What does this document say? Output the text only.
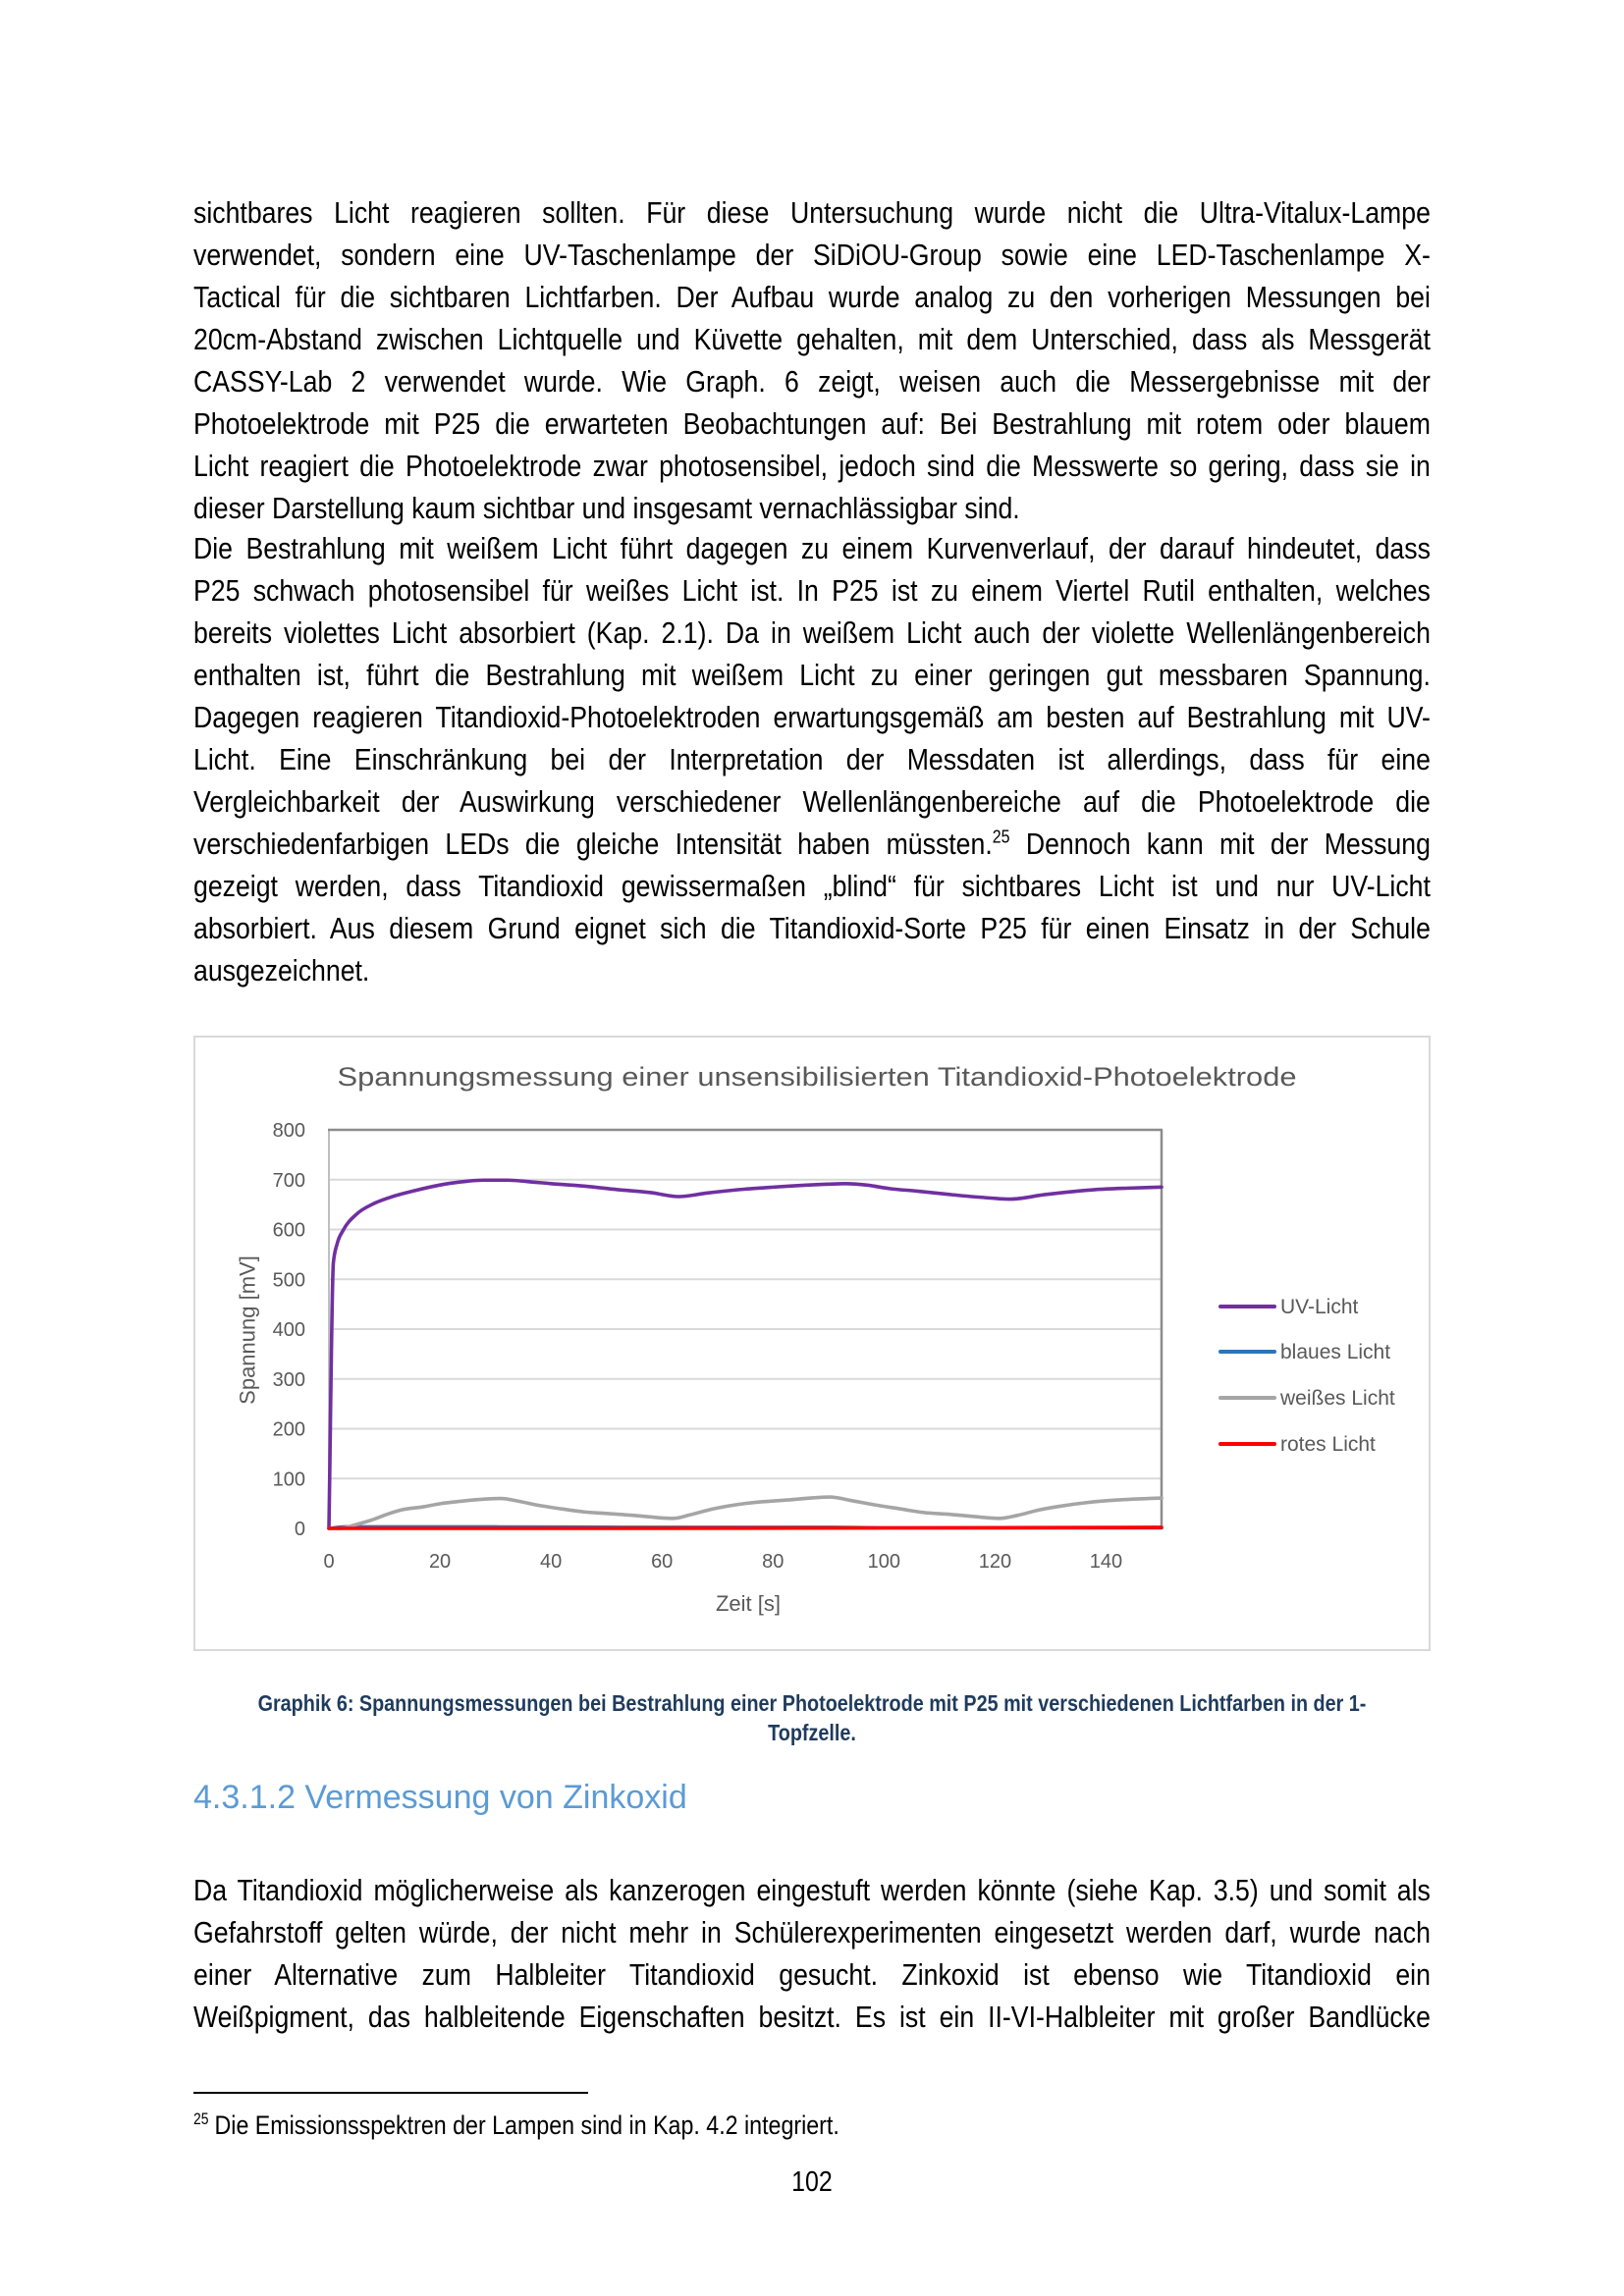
sichtbares Licht reagieren sollten. Für diese Untersuchung wurde nicht die Ultra-Vitalux-Lampe
verwendet, sondern eine UV-Taschenlampe der SiDiOU-Group sowie eine LED-Taschenlampe X-
Tactical für die sichtbaren Lichtfarben. Der Aufbau wurde analog zu den vorherigen Messungen bei
20cm-Abstand zwischen Lichtquelle und Küvette gehalten, mit dem Unterschied, dass als Messgerät
CASSY-Lab 2 verwendet wurde. Wie Graph. 6 zeigt, weisen auch die Messergebnisse mit der
Photoelektrode mit P25 die erwarteten Beobachtungen auf: Bei Bestrahlung mit rotem oder blauem
Licht reagiert die Photoelektrode zwar photosensibel, jedoch sind die Messwerte so gering, dass sie in
dieser Darstellung kaum sichtbar und insgesamt vernachlässigbar sind.
Die Bestrahlung mit weißem Licht führt dagegen zu einem Kurvenverlauf, der darauf hindeutet, dass
P25 schwach photosensibel für weißes Licht ist. In P25 ist zu einem Viertel Rutil enthalten, welches
bereits violettes Licht absorbiert (Kap. 2.1). Da in weißem Licht auch der violette Wellenlängenbereich
enthalten ist, führt die Bestrahlung mit weißem Licht zu einer geringen gut messbaren Spannung.
Dagegen reagieren Titandioxid-Photoelektroden erwartungsgemäß am besten auf Bestrahlung mit UV-
Licht. Eine Einschränkung bei der Interpretation der Messdaten ist allerdings, dass für eine
Vergleichbarkeit der Auswirkung verschiedener Wellenlängenbereiche auf die Photoelektrode die
verschiedenfarbigen LEDs die gleiche Intensität haben müssten.$^{25}$ Dennoch kann mit der Messung
gezeigt werden, dass Titandioxid gewissermaßen „blind“ für sichtbares Licht ist und nur UV-Licht
absorbiert. Aus diesem Grund eignet sich die Titandioxid-Sorte P25 für einen Einsatz in der Schule
ausgezeichnet.
0
100
200
300
400
500
600
700
800
0	20	40	60	80	100	120	140
Spannungsmessung einer unsensibilisierten Titandioxid-Photoelektrode
Spannung [mV]
Zeit [s]
UV-Licht
blaues Licht
weißes Licht
rotes Licht
Graphik 6: Spannungsmessungen bei Bestrahlung einer Photoelektrode mit P25 mit verschiedenen Lichtfarben in der 1-
Topfzelle.
4.3.1.2 Vermessung von Zinkoxid
Da Titandioxid möglicherweise als kanzerogen eingestuft werden könnte (siehe Kap. 3.5) und somit als
Gefahrstoff gelten würde, der nicht mehr in Schülerexperimenten eingesetzt werden darf, wurde nach
einer Alternative zum Halbleiter Titandioxid gesucht. Zinkoxid ist ebenso wie Titandioxid ein
Weißpigment, das halbleitende Eigenschaften besitzt. Es ist ein II-VI-Halbleiter mit großer Bandlücke
$^{25}$ Die Emissionsspektren der Lampen sind in Kap. 4.2 integriert.
102
